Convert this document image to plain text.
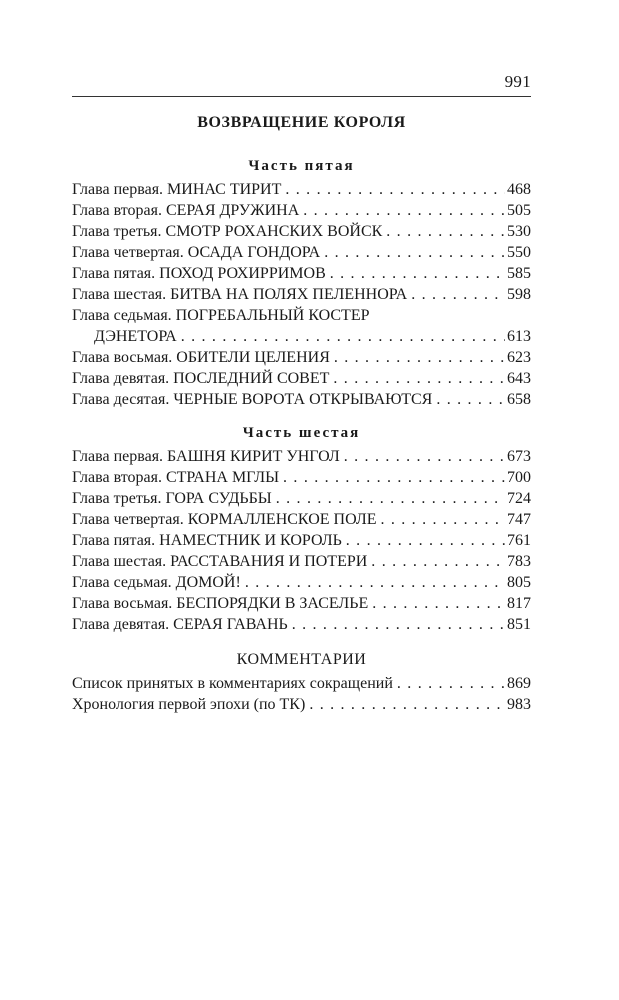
991
ВОЗВРАЩЕНИЕ КОРОЛЯ
Часть пятая
Глава первая. МИНАС ТИРИТ . . .	468
Глава вторая. СЕРАЯ ДРУЖИНА . . .	505
Глава третья. СМОТР РОХАНСКИХ ВОЙСК . . .	530
Глава четвертая. ОСАДА ГОНДОРА . . .	550
Глава пятая. ПОХОД РОХИРРИМОВ . . .	585
Глава шестая. БИТВА НА ПОЛЯХ ПЕЛЕННОРА . . .	598
Глава седьмая. ПОГРЕБАЛЬНЫЙ КОСТЕР
ДЭНЕТОРА . . .	613
Глава восьмая. ОБИТЕЛИ ЦЕЛЕНИЯ . . .	623
Глава девятая. ПОСЛЕДНИЙ СОВЕТ . . .	643
Глава десятая. ЧЕРНЫЕ ВОРОТА ОТКРЫВАЮТСЯ . . .	658
Часть шестая
Глава первая. БАШНЯ КИРИТ УНГОЛ . . .	673
Глава вторая. СТРАНА МГЛЫ . . .	700
Глава третья. ГОРА СУДЬБЫ . . .	724
Глава четвертая. КОРМАЛЛЕНСКОЕ ПОЛЕ . . .	747
Глава пятая. НАМЕСТНИК И КОРОЛЬ . . .	761
Глава шестая. РАССТАВАНИЯ И ПОТЕРИ . . .	783
Глава седьмая. ДОМОЙ! . . .	805
Глава восьмая. БЕСПОРЯДКИ В ЗАСЕЛЬЕ . . .	817
Глава девятая. СЕРАЯ ГАВАНЬ . . .	851
КОММЕНТАРИИ
Список принятых в комментариях сокращений . . .	869
Хронология первой эпохи (по ТК) . . .	983
